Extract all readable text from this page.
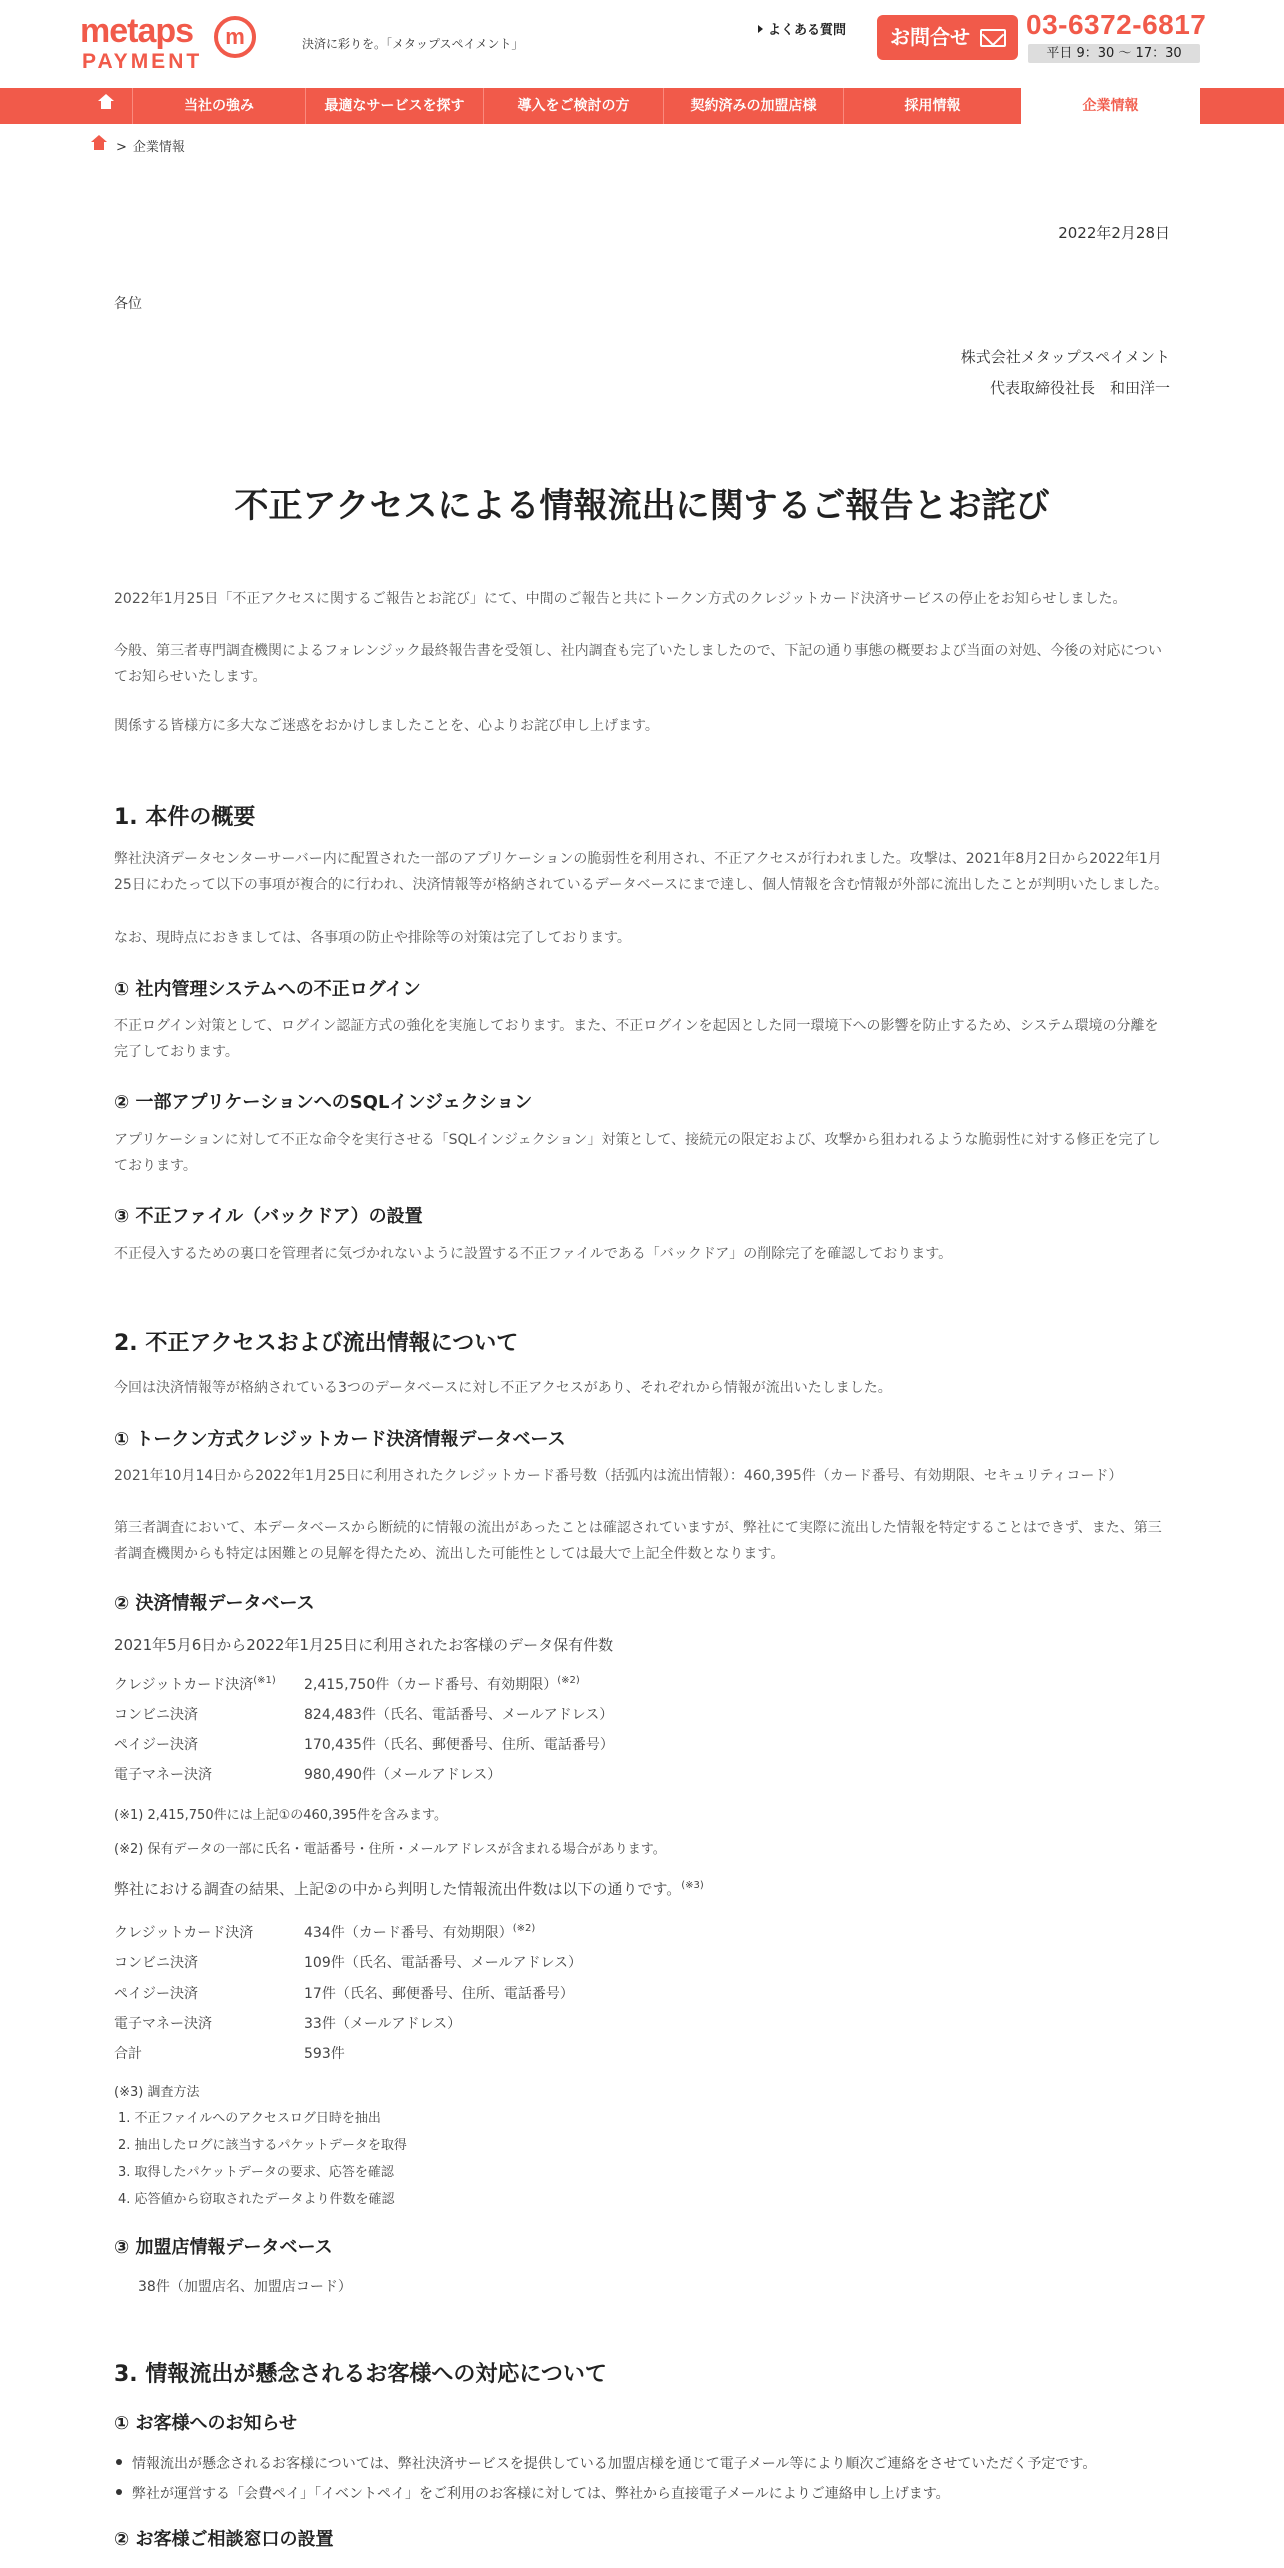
metaps	m
PAYMENT
決済に彩りを。「メタップスペイメント」
よくある質問	お問合せ	03-6372-6817
平日 9：30 〜 17：30
当社の強み	最適なサービスを探す	導入をご検討の方	契約済みの加盟店様	採用情報	企業情報
> 企業情報
2022年2月28日
各位
株式会社メタップスペイメント
代表取締役社長　和田洋一
不正アクセスによる情報流出に関するご報告とお詫び
2022年1月25日「不正アクセスに関するご報告とお詫び」にて、中間のご報告と共にトークン方式のクレジットカード決済サービスの停止をお知らせしました。
今般、第三者専門調査機関によるフォレンジック最終報告書を受領し、社内調査も完了いたしましたので、下記の通り事態の概要および当面の対処、今後の対応についてお知らせいたします。
関係する皆様方に多大なご迷惑をおかけしましたことを、心よりお詫び申し上げます。
1. 本件の概要
弊社決済データセンターサーバー内に配置された一部のアプリケーションの脆弱性を利用され、不正アクセスが行われました。攻撃は、2021年8月2日から2022年1月25日にわたって以下の事項が複合的に行われ、決済情報等が格納されているデータベースにまで達し、個人情報を含む情報が外部に流出したことが判明いたしました。
なお、現時点におきましては、各事項の防止や排除等の対策は完了しております。
① 社内管理システムへの不正ログイン
不正ログイン対策として、ログイン認証方式の強化を実施しております。また、不正ログインを起因とした同一環境下への影響を防止するため、システム環境の分離を完了しております。
② 一部アプリケーションへのSQLインジェクション
アプリケーションに対して不正な命令を実行させる「SQLインジェクション」対策として、接続元の限定および、攻撃から狙われるような脆弱性に対する修正を完了しております。
③ 不正ファイル（バックドア）の設置
不正侵入するための裏口を管理者に気づかれないように設置する不正ファイルである「バックドア」の削除完了を確認しております。
2. 不正アクセスおよび流出情報について
今回は決済情報等が格納されている3つのデータベースに対し不正アクセスがあり、それぞれから情報が流出いたしました。
① トークン方式クレジットカード決済情報データベース
2021年10月14日から2022年1月25日に利用されたクレジットカード番号数（括弧内は流出情報）：460,395件（カード番号、有効期限、セキュリティコード）
第三者調査において、本データベースから断続的に情報の流出があったことは確認されていますが、弊社にて実際に流出した情報を特定することはできず、また、第三者調査機関からも特定は困難との見解を得たため、流出した可能性としては最大で上記全件数となります。
② 決済情報データベース
2021年5月6日から2022年1月25日に利用されたお客様のデータ保有件数
クレジットカード決済$^{(※1)}$ 2,415,750件（カード番号、有効期限）$^{(※2)}$
コンビニ決済	824,483件（氏名、電話番号、メールアドレス）
ペイジー決済	170,435件（氏名、郵便番号、住所、電話番号）
電子マネー決済	980,490件（メールアドレス）
(※1) 2,415,750件には上記①の460,395件を含みます。
(※2) 保有データの一部に氏名・電話番号・住所・メールアドレスが含まれる場合があります。
弊社における調査の結果、上記②の中から判明した情報流出件数は以下の通りです。$^{(※3)}$
クレジットカード決済	434件（カード番号、有効期限）$^{(※2)}$
コンビニ決済	109件（氏名、電話番号、メールアドレス）
ペイジー決済	17件（氏名、郵便番号、住所、電話番号）
電子マネー決済	33件（メールアドレス）
合計	593件
(※3) 調査方法
1. 不正ファイルへのアクセスログ日時を抽出
2. 抽出したログに該当するパケットデータを取得
3. 取得したパケットデータの要求、応答を確認
4. 応答値から窃取されたデータより件数を確認
③ 加盟店情報データベース
38件（加盟店名、加盟店コード）
3. 情報流出が懸念されるお客様への対応について
① お客様へのお知らせ
情報流出が懸念されるお客様については、弊社決済サービスを提供している加盟店様を通じて電子メール等により順次ご連絡をさせていただく予定です。
弊社が運営する「会費ペイ」「イベントペイ」をご利用のお客様に対しては、弊社から直接電子メールによりご連絡申し上げます。
② お客様ご相談窓口の設置
